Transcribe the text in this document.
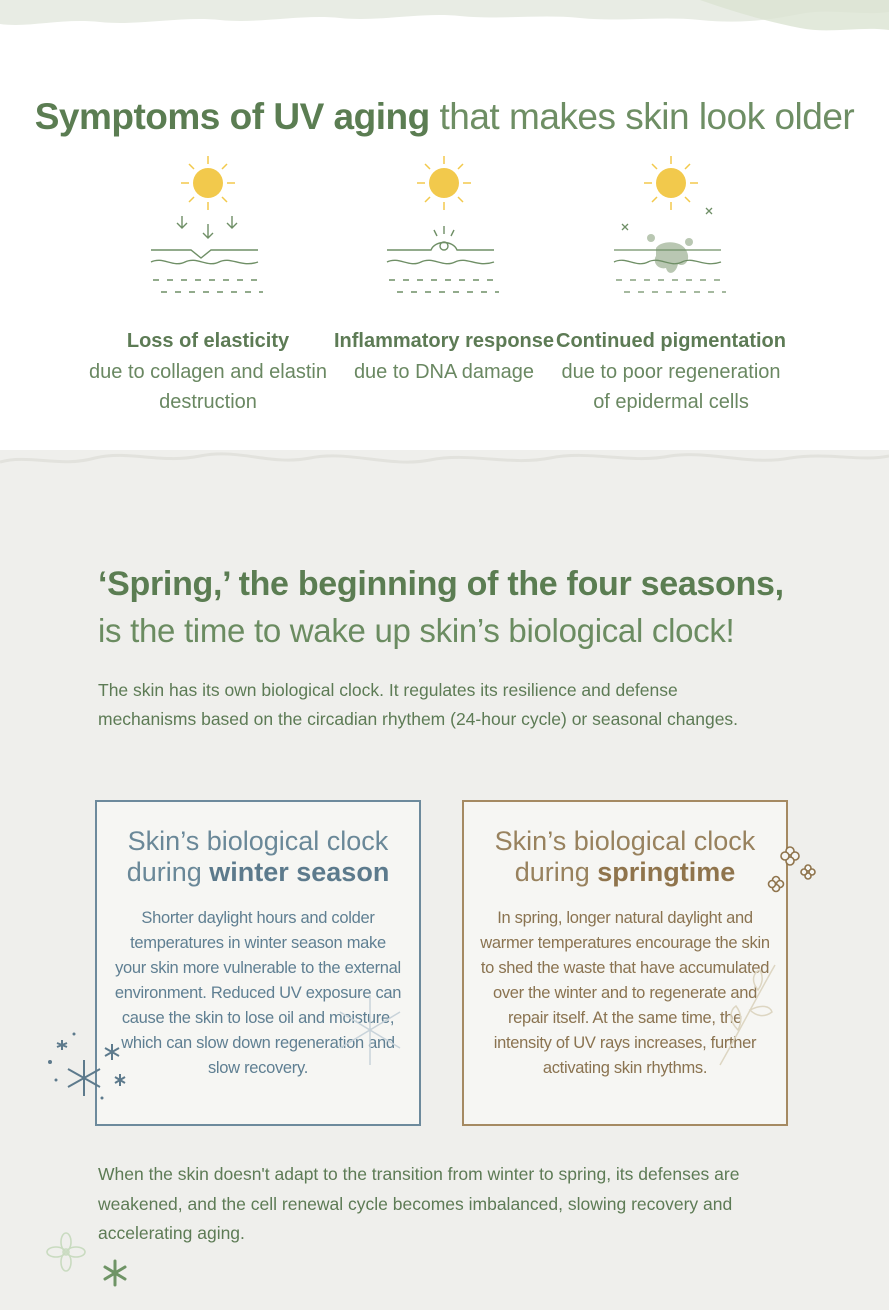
Symptoms of UV aging that makes skin look older
Loss of elasticity
due to collagen and elastin destruction
Inflammatory response
due to DNA damage
Continued pigmentation
due to poor regeneration of epidermal cells
‘Spring,’ the beginning of the four seasons,
is the time to wake up skin’s biological clock!
The skin has its own biological clock. It regulates its resilience and defense mechanisms based on the circadian rhythem (24-hour cycle) or seasonal changes.
Skin’s biological clock
during winter season
Shorter daylight hours and colder temperatures in winter season make your skin more vulnerable to the external environment. Reduced UV exposure can cause the skin to lose oil and moisture, which can slow down regeneration and slow recovery.
Skin’s biological clock
during springtime
In spring, longer natural daylight and warmer temperatures encourage the skin to shed the waste that have accumulated over the winter and to regenerate and repair itself. At the same time, the intensity of UV rays increases, further activating skin rhythms.
When the skin doesn't adapt to the transition from winter to spring, its defenses are weakened, and the cell renewal cycle becomes imbalanced, slowing recovery and accelerating aging.
